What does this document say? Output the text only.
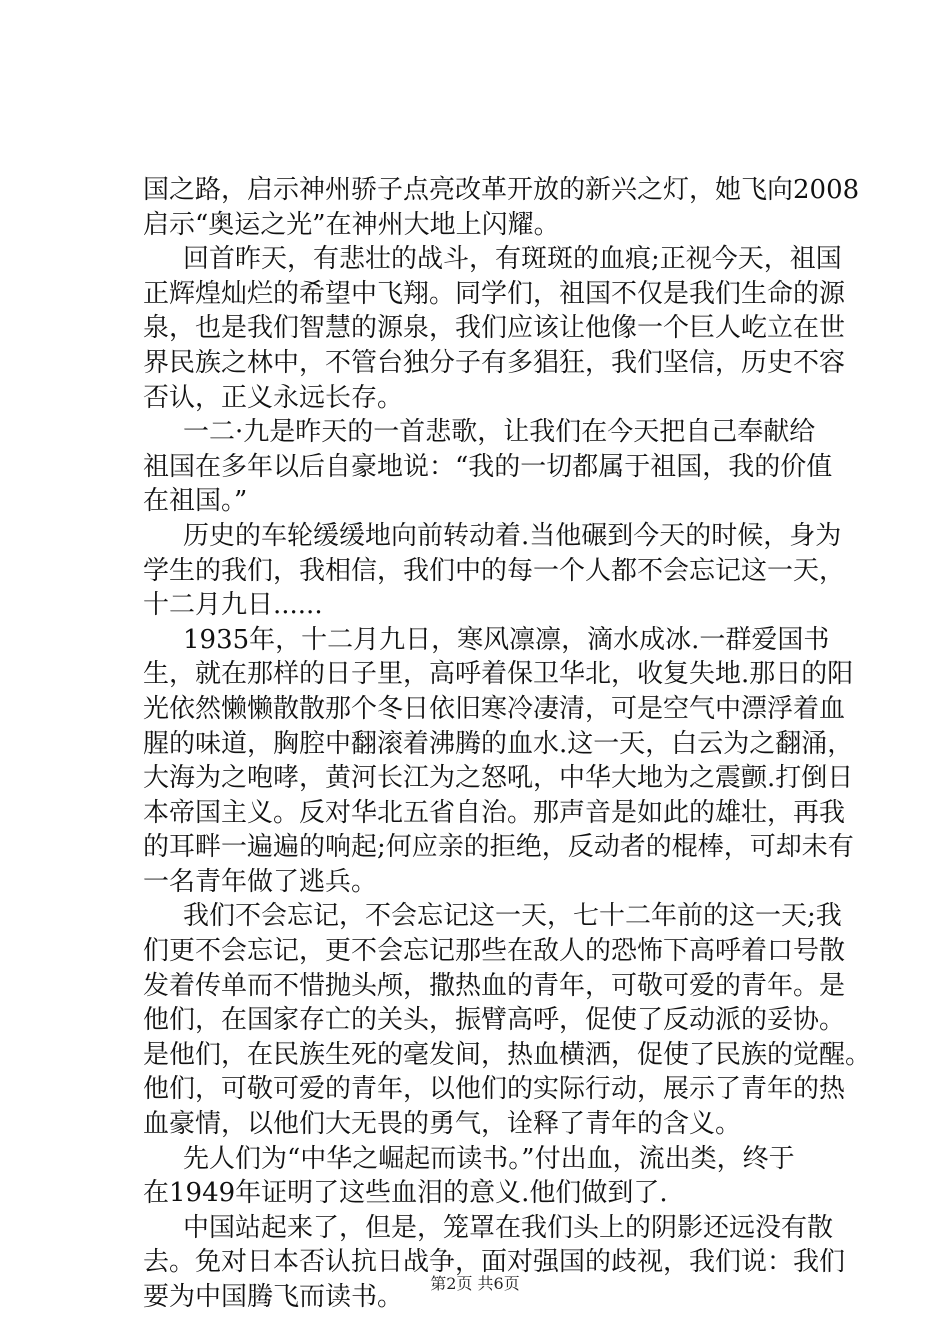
国之路，启示神州骄子点亮改革开放的新兴之灯，她飞向2008
启示“奥运之光”在神州大地上闪耀。
回首昨天，有悲壮的战斗，有斑斑的血痕;正视今天，祖国
正辉煌灿烂的希望中飞翔。同学们，祖国不仅是我们生命的源
泉，也是我们智慧的源泉，我们应该让他像一个巨人屹立在世
界民族之林中，不管台独分子有多猖狂，我们坚信，历史不容
否认，正义永远长存。
一二·九是昨天的一首悲歌，让我们在今天把自己奉献给
祖国在多年以后自豪地说：“我的一切都属于祖国，我的价值
在祖国。”
历史的车轮缓缓地向前转动着.当他碾到今天的时候，身为
学生的我们，我相信，我们中的每一个人都不会忘记这一天，
十二月九日......
1935年，十二月九日，寒风凛凛，滴水成冰.一群爱国书
生，就在那样的日子里，高呼着保卫华北，收复失地.那日的阳
光依然懒懒散散那个冬日依旧寒冷凄清，可是空气中漂浮着血
腥的味道，胸腔中翻滚着沸腾的血水.这一天，白云为之翻涌，
大海为之咆哮，黄河长江为之怒吼，中华大地为之震颤.打倒日
本帝国主义。反对华北五省自治。那声音是如此的雄壮，再我
的耳畔一遍遍的响起;何应亲的拒绝，反动者的棍棒，可却未有
一名青年做了逃兵。
我们不会忘记，不会忘记这一天，七十二年前的这一天;我
们更不会忘记，更不会忘记那些在敌人的恐怖下高呼着口号散
发着传单而不惜抛头颅，撒热血的青年，可敬可爱的青年。是
他们，在国家存亡的关头，振臂高呼，促使了反动派的妥协。
是他们，在民族生死的毫发间，热血横洒，促使了民族的觉醒。
他们，可敬可爱的青年，以他们的实际行动，展示了青年的热
血豪情，以他们大无畏的勇气，诠释了青年的含义。
先人们为“中华之崛起而读书。”付出血，流出类，终于
在1949年证明了这些血泪的意义.他们做到了.
中国站起来了，但是，笼罩在我们头上的阴影还远没有散
去。免对日本否认抗日战争，面对强国的歧视，我们说：我们
要为中国腾飞而读书。	第2页 共6页
